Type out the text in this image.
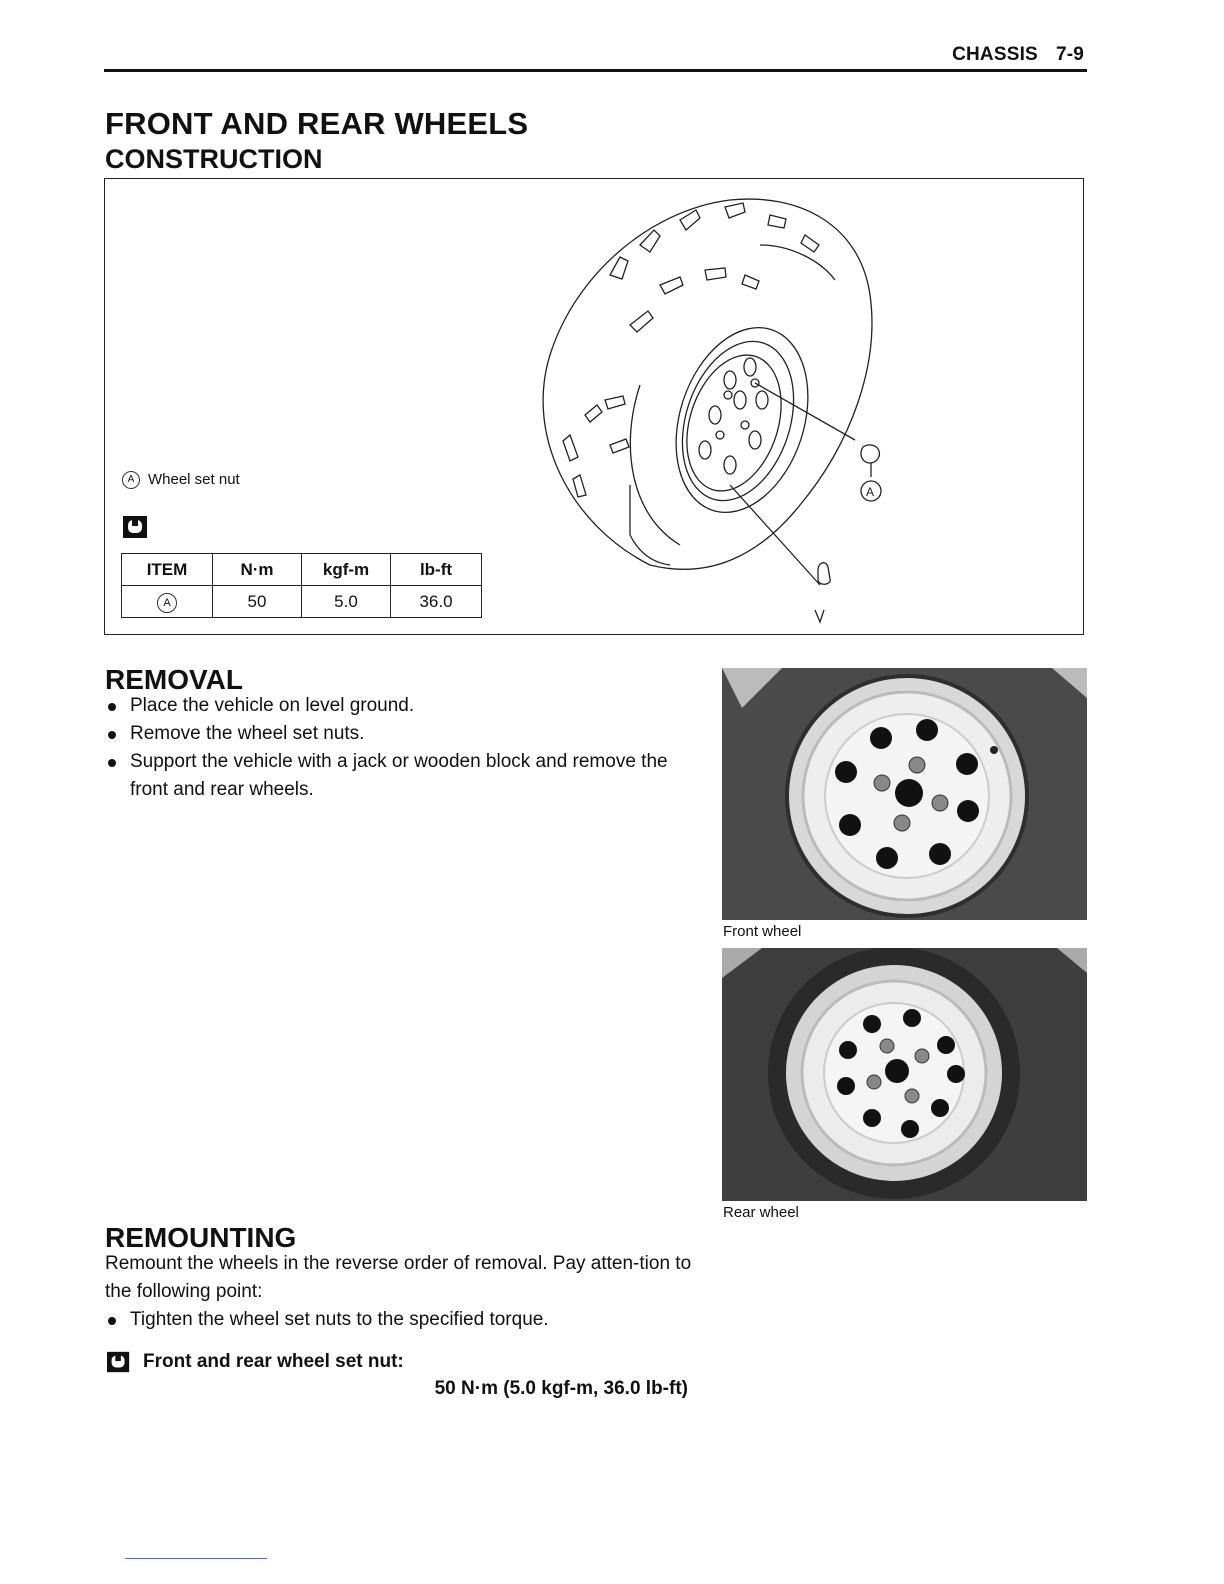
CHASSIS 7-9
FRONT AND REAR WHEELS
CONSTRUCTION
A Wheel set nut
ITEM	N·m	kgf-m	lb-ft
A	50	5.0	36.0
A
REMOVAL
Place the vehicle on level ground.
Remove the wheel set nuts.
Support the vehicle with a jack or wooden block and remove the front and rear wheels.
Front wheel
Rear wheel
REMOUNTING
Remount the wheels in the reverse order of removal. Pay atten-tion to the following point:
Tighten the wheel set nuts to the specified torque.
Front and rear wheel set nut:
50 N·m (5.0 kgf-m, 36.0 lb-ft)
